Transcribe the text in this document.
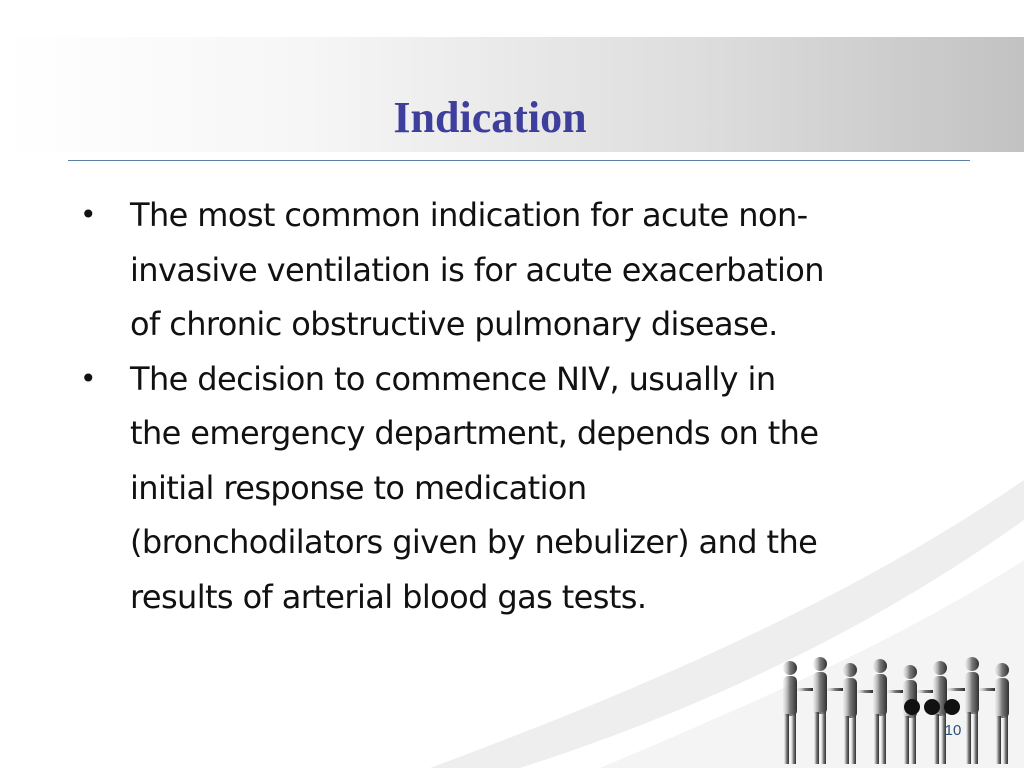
Indication
• The most common indication for acute non-
invasive ventilation is for acute exacerbation
of chronic obstructive pulmonary disease.
• The decision to commence NIV, usually in
the emergency department, depends on the
initial response to medication
(bronchodilators given by nebulizer) and the
results of arterial blood gas tests.
10
